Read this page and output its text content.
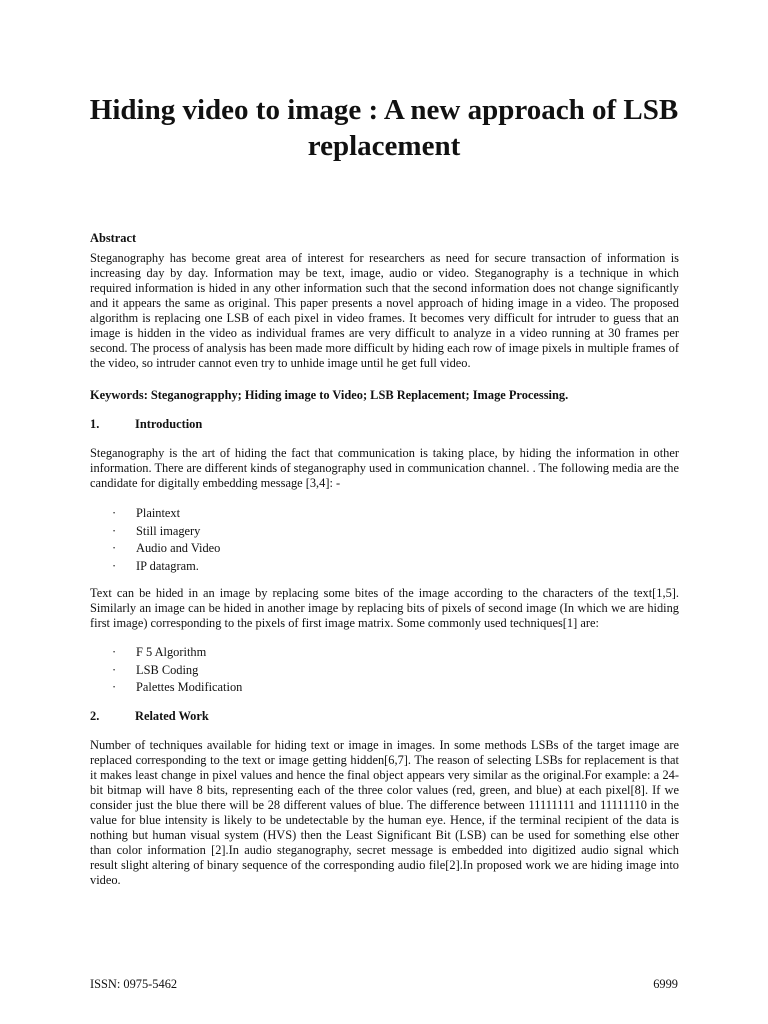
Hiding video to image : A new approach of LSB replacement
Abstract
Steganography has become great area of interest for researchers as need for secure transaction of information is increasing day by day. Information may be text, image, audio or video. Steganography is a technique in which required information is hided in any other information such that the second information does not change significantly and it appears the same as original. This paper presents a novel approach of hiding image in a video. The proposed algorithm is replacing one LSB of each pixel in video frames. It becomes very difficult for intruder to guess that an image is hidden in the video as individual frames are very difficult to analyze in a video running at 30 frames per second. The process of analysis has been made more difficult by hiding each row of image pixels in multiple frames of the video, so intruder cannot even try to unhide image until he get full video.
Keywords: Steganograpphy; Hiding image to Video; LSB Replacement; Image Processing.
1.	Introduction
Steganography is the art of hiding the fact that communication is taking place, by hiding the information in other information. There are different kinds of steganography used in communication channel. . The following media are the candidate for digitally embedding message [3,4]: -
· Plaintext
· Still imagery
· Audio and Video
· IP datagram.
Text can be hided in an image by replacing some bites of the image according to the characters of the text[1,5]. Similarly an image can be hided in another image by replacing bits of pixels of second image (In which we are hiding first image) corresponding to the pixels of first image matrix. Some commonly used techniques[1] are:
· F 5 Algorithm
· LSB Coding
· Palettes Modification
2.	Related Work
Number of techniques available for hiding text or image in images. In some methods LSBs of the target image are replaced corresponding to the text or image getting hidden[6,7]. The reason of selecting LSBs for replacement is that it makes least change in pixel values and hence the final object appears very similar as the original.For example: a 24-bit bitmap will have 8 bits, representing each of the three color values (red, green, and blue) at each pixel[8]. If we consider just the blue there will be 28 different values of blue. The difference between 11111111 and 11111110 in the value for blue intensity is likely to be undetectable by the human eye. Hence, if the terminal recipient of the data is nothing but human visual system (HVS) then the Least Significant Bit (LSB) can be used for something else other than color information [2].In audio steganography, secret message is embedded into digitized audio signal which result slight altering of binary sequence of the corresponding audio file[2].In proposed work we are hiding image into video.
ISSN: 0975-5462	6999
